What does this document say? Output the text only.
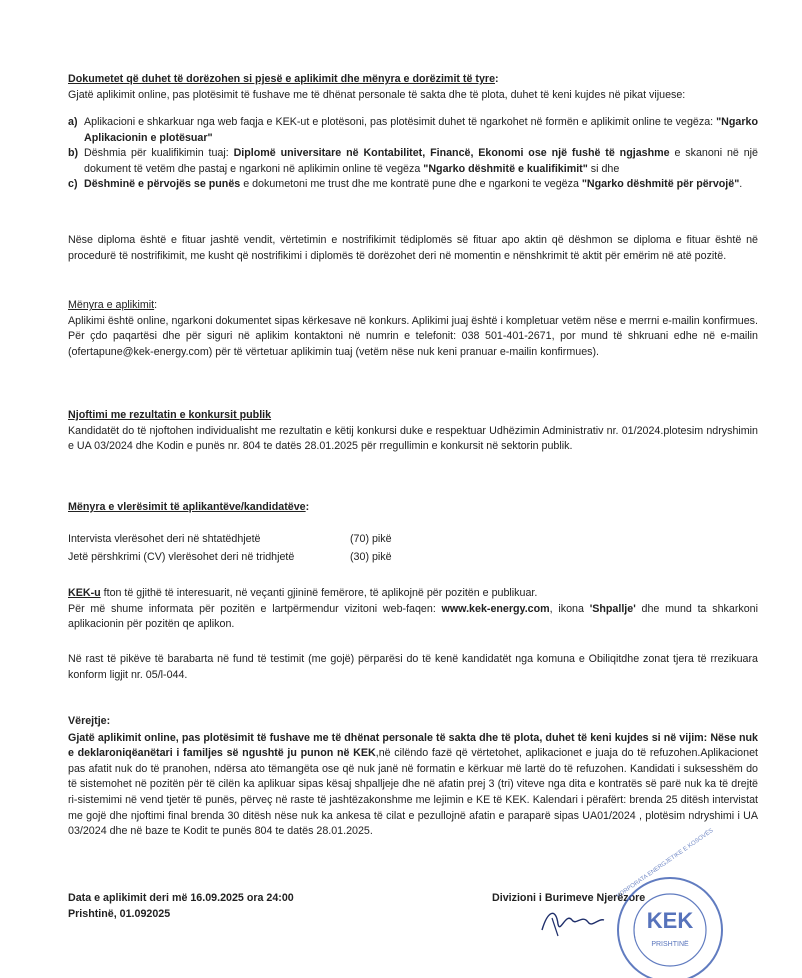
Dokumetet që duhet të dorëzohen si pjesë e aplikimit dhe mënyra e dorëzimit të tyre:
Gjatë aplikimit online, pas plotësimit të fushave me të dhënat personale të sakta dhe të plota, duhet të keni kujdes në pikat vijuese:
a) Aplikacioni e shkarkuar nga web faqja e KEK-ut e plotësoni, pas plotësimit duhet të ngarkohet në formën e aplikimit online te vegëza: "Ngarko Aplikacionin e plotësuar"
b) Dëshmia për kualifikimin tuaj: Diplomë universitare në Kontabilitet, Financë, Ekonomi ose një fushë të ngjashme e skanoni në një dokument të vetëm dhe pastaj e ngarkoni në aplikimin online të vegëza "Ngarko dëshmitë e kualifikimit" si dhe
c) Dëshminë e përvojës se punës e dokumetoni me trust dhe me kontratë pune dhe e ngarkoni te vegëza "Ngarko dëshmitë për përvojë".
Nëse diploma është e fituar jashtë vendit, vërtetimin e nostrifikimit tëdiplomës së fituar apo aktin që dëshmon se diploma e fituar është në procedurë të nostrifikimit, me kusht që nostrifikimi i diplomës të dorëzohet deri në momentin e nënshkrimit të aktit për emërim në atë pozitë.
Mënyra e aplikimit:
Aplikimi është online, ngarkoni dokumentet sipas kërkesave në konkurs. Aplikimi juaj është i kompletuar vetëm nëse e merrni e-mailin konfirmues. Për çdo paqartësi dhe për siguri në aplikim kontaktoni në numrin e telefonit: 038 501-401-2671, por mund të shkruani edhe në e-mailin (ofertapune@kek-energy.com) për të vërtetuar aplikimin tuaj (vetëm nëse nuk keni pranuar e-mailin konfirmues).
Njoftimi me rezultatin e konkursit publik
Kandidatët do të njoftohen individualisht me rezultatin e këtij konkursi duke e respektuar Udhëzimin Administrativ nr. 01/2024.plotesim ndryshimin e UA 03/2024 dhe Kodin e punës nr. 804 te datës 28.01.2025 për rregullimin e konkursit në sektorin publik.
Mënyra e vlerësimit të aplikantëve/kandidatëve:
Intervista vlerësohet deri në shtatëdhjetë	(70) pikë
Jetë përshkrimi (CV) vlerësohet deri në tridhjetë	(30) pikë
KEK-u fton të gjithë të interesuarit, në veçanti gjininë femërore, të aplikojnë për pozitën e publikuar.
Për më shume informata për pozitën e lartpërmendur vizitoni web-faqen: www.kek-energy.com, ikona 'Shpallje' dhe mund ta shkarkoni aplikacionin për pozitën qe aplikon.
Në rast të pikëve të barabarta në fund të testimit (me gojë) përparësi do të kenë kandidatët nga komuna e Obiliqitdhe zonat tjera të rrezikuara konform ligjit nr. 05/l-044.
Vërejtje:
Gjatë aplikimit online, pas plotësimit të fushave me të dhënat personale të sakta dhe të plota, duhet të keni kujdes si në vijim: Nëse nuk e deklaroniqëanëtari i familjes së ngushtë ju punon në KEK,në cilëndo fazë që vërtetohet, aplikacionet e juaja do të refuzohen.Aplikacionet pas afatit nuk do të pranohen, ndërsa ato tëmangëta ose që nuk janë në formatin e kërkuar më lartë do të refuzohen. Kandidati i suksesshëm do të sistemohet në pozitën për të cilën ka aplikuar sipas kësaj shpalljeje dhe në afatin prej 3 (tri) viteve nga dita e kontratës së parë nuk ka të drejtë ri-sistemimi në vend tjetër të punës, përveç në raste të jashtëzakonshme me lejimin e KE të KEK. Kalendari i përafërt: brenda 25 ditësh intervistat me gojë dhe njoftimi final brenda 30 ditësh nëse nuk ka ankesa të cilat e pezullojnë afatin e paraparë sipas UA01/2024 , plotësim ndryshimi i UA 03/2024 dhe në baze te Kodit te punës 804 te datës 28.01.2025.
Data e aplikimit deri më 16.09.2025 ora 24:00
Prishtinë, 01.092025
Divizioni i Burimeve Njerëzore
KEK
PRISHTINË
KORPORATA ENERGJETIKE E KOSOVËS
